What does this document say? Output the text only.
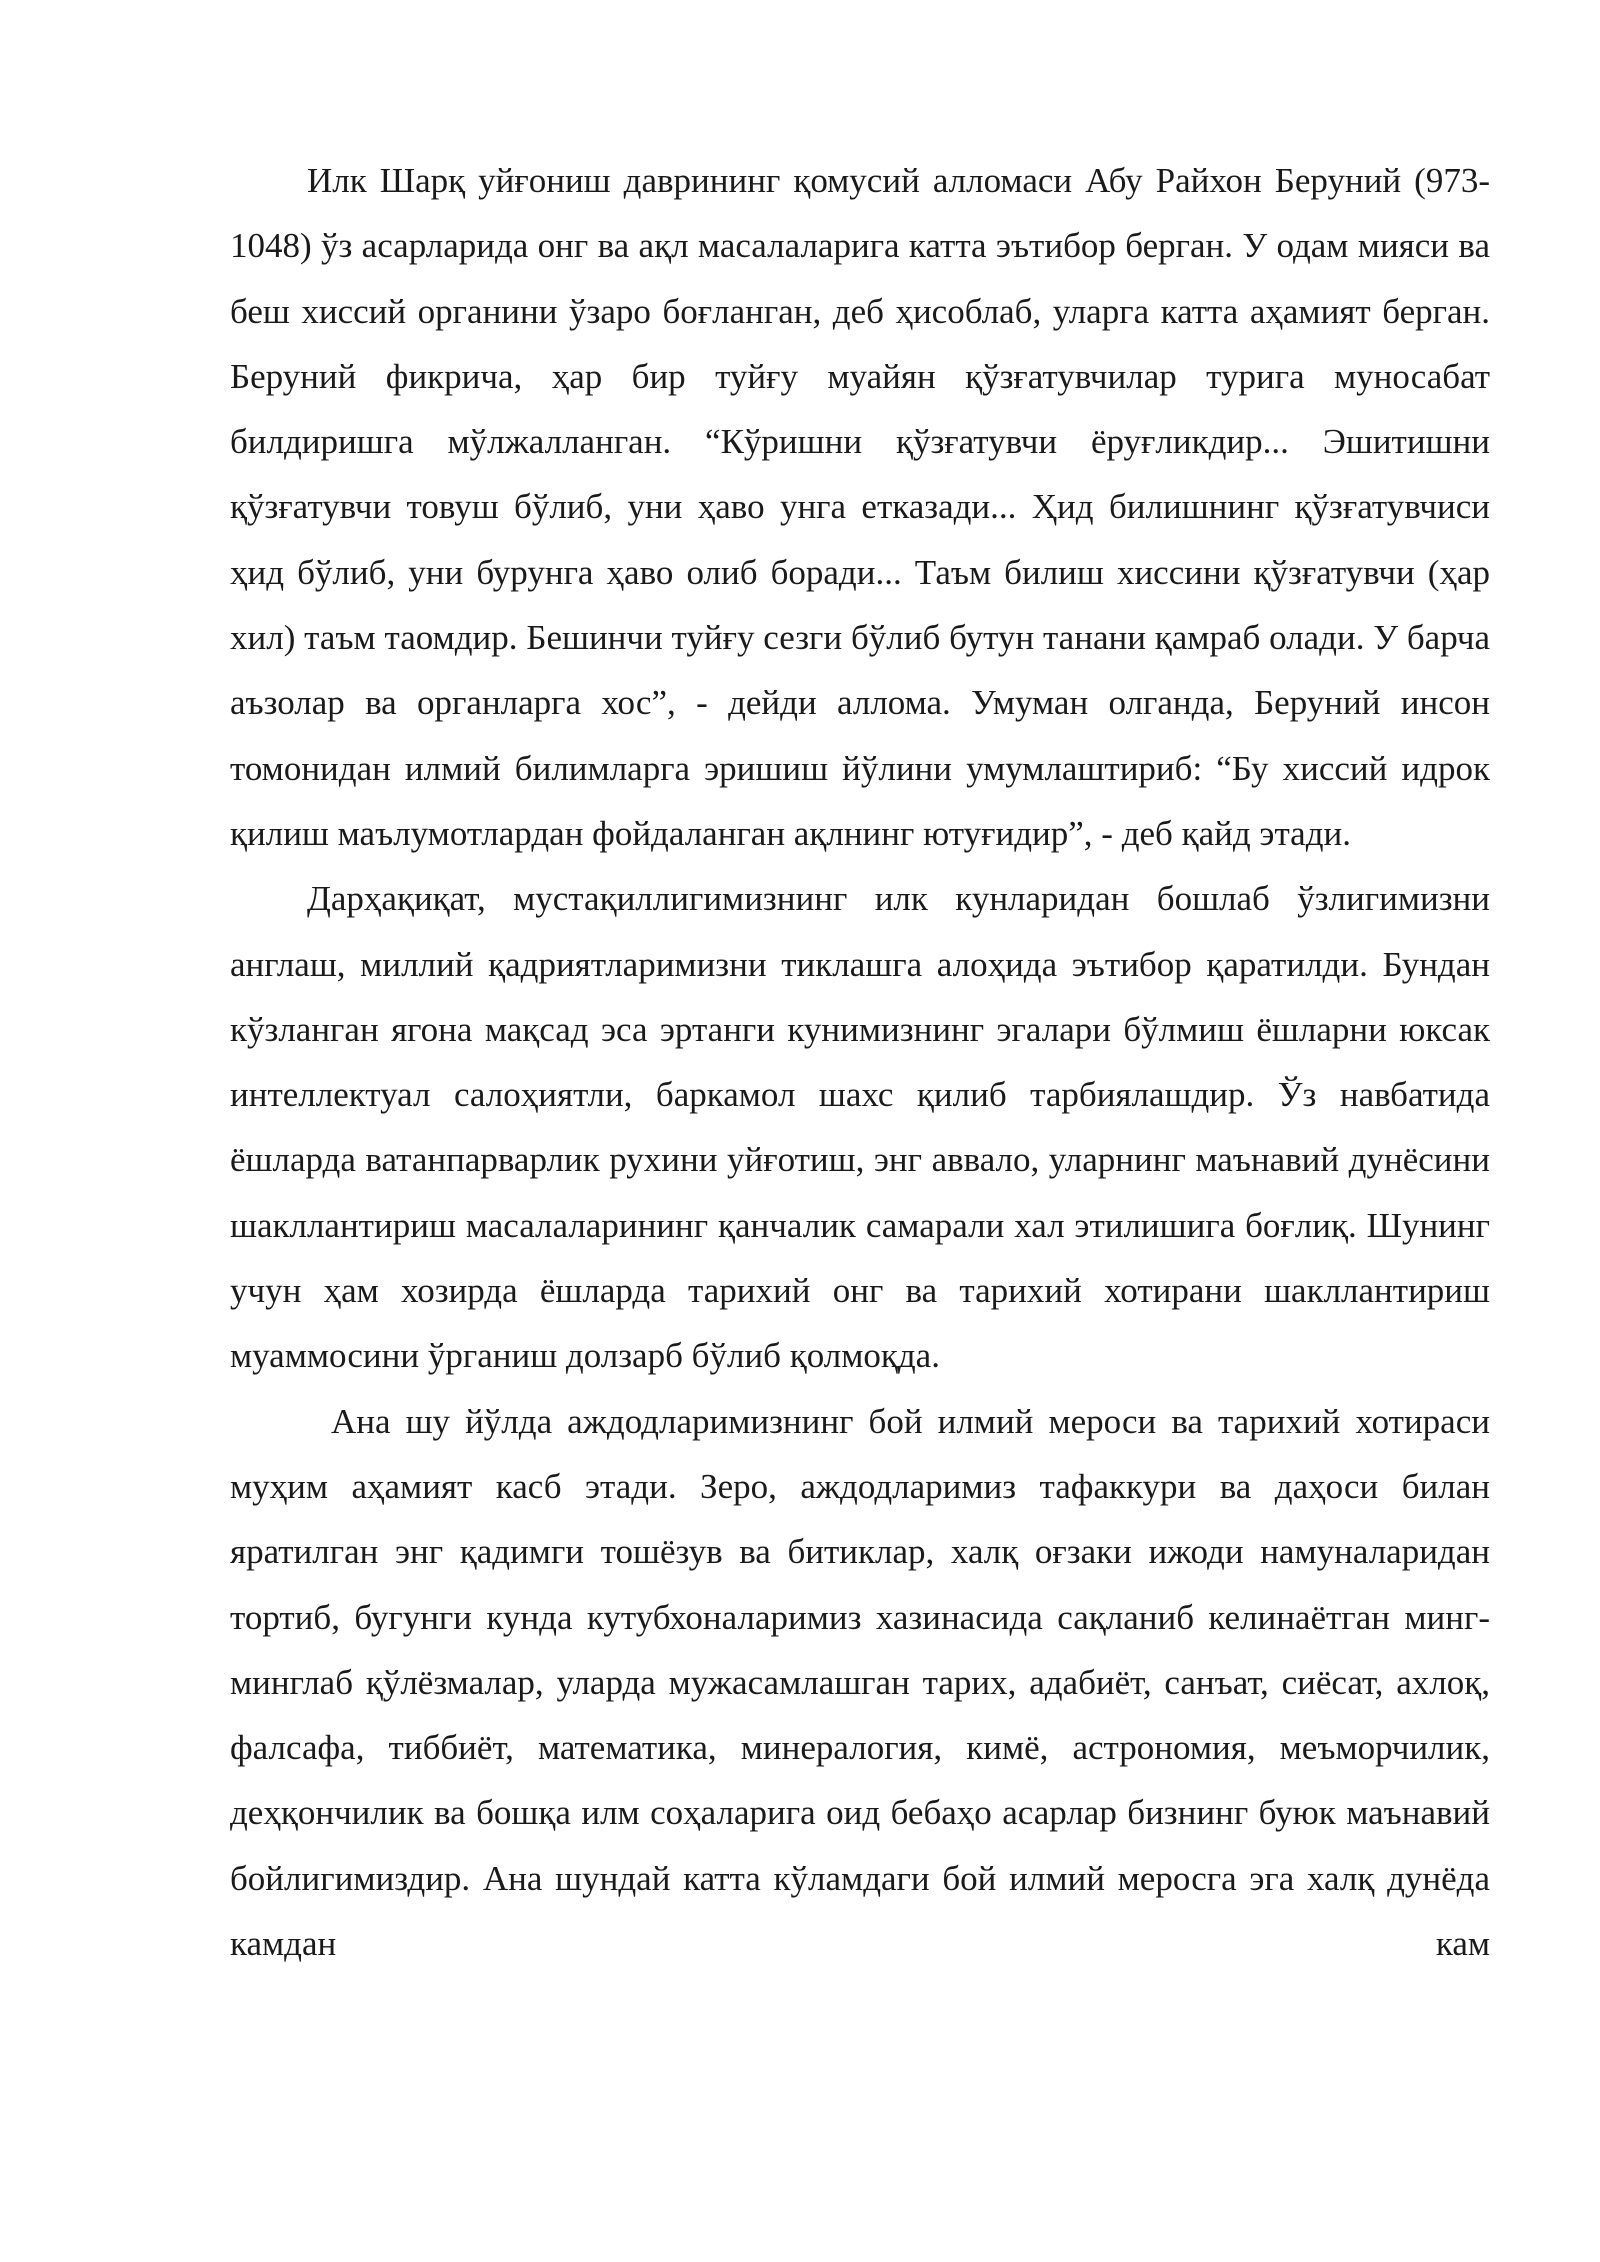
Илк Шарқ уйғониш даврининг қомусий алломаси Абу Райхон Беруний (973-1048) ўз асарларида онг ва ақл масалаларига катта эътибор берган. У одам мияси ва беш хиссий органини ўзаро боғланган, деб ҳисоблаб, уларга катта аҳамият берган. Беруний фикрича, ҳар бир туйғу муайян қўзғатувчилар турига муносабат билдиришга мўлжалланган. “Кўришни қўзғатувчи ёруғликдир... Эшитишни қўзғатувчи товуш бўлиб, уни ҳаво унга етказади... Ҳид билишнинг қўзғатувчиси ҳид бўлиб, уни бурунга ҳаво олиб боради... Таъм билиш хиссини қўзғатувчи (ҳар хил) таъм таомдир. Бешинчи туйғу сезги бўлиб бутун танани қамраб олади. У барча аъзолар ва органларга хос”, - дейди аллома. Умуман олганда, Беруний инсон томонидан илмий билимларга эришиш йўлини умумлаштириб: “Бу хиссий идрок қилиш маълумотлардан фойдаланган ақлнинг ютуғидир”, - деб қайд этади.

Дарҳақиқат, мустақиллигимизнинг илк кунларидан бошлаб ўзлигимизни англаш, миллий қадриятларимизни тиклашга алоҳида эътибор қаратилди. Бундан кўзланган ягона мақсад эса эртанги кунимизнинг эгалари бўлмиш ёшларни юксак интеллектуал салоҳиятли, баркамол шахс қилиб тарбиялашдир. Ўз навбатида ёшларда ватанпарварлик рухини уйғотиш, энг аввало, уларнинг маънавий дунёсини шакллантириш масалаларининг қанчалик самарали хал этилишига боғлиқ. Шунинг учун ҳам хозирда ёшларда тарихий онг ва тарихий хотирани шакллантириш муаммосини ўрганиш долзарб бўлиб қолмоқда.

Ана шу йўлда аждодларимизнинг бой илмий мероси ва тарихий хотираси муҳим аҳамият касб этади. Зеро, аждодларимиз тафаккури ва даҳоси билан яратилган энг қадимги тошёзув ва битиклар, халқ оғзаки ижоди намуналаридан тортиб, бугунги кунда кутубхоналаримиз хазинасида сақланиб келинаётган минг-минглаб қўлёзмалар, уларда мужасамлашган тарих, адабиёт, санъат, сиёсат, ахлоқ, фалсафа, тиббиёт, математика, минералогия, кимё, астрономия, меъморчилик, деҳқончилик ва бошқа илм соҳаларига оид бебаҳо асарлар бизнинг буюк маънавий бойлигимиздир. Ана шундай катта кўламдаги бой илмий меросга эга халқ дунёда камдан кам
